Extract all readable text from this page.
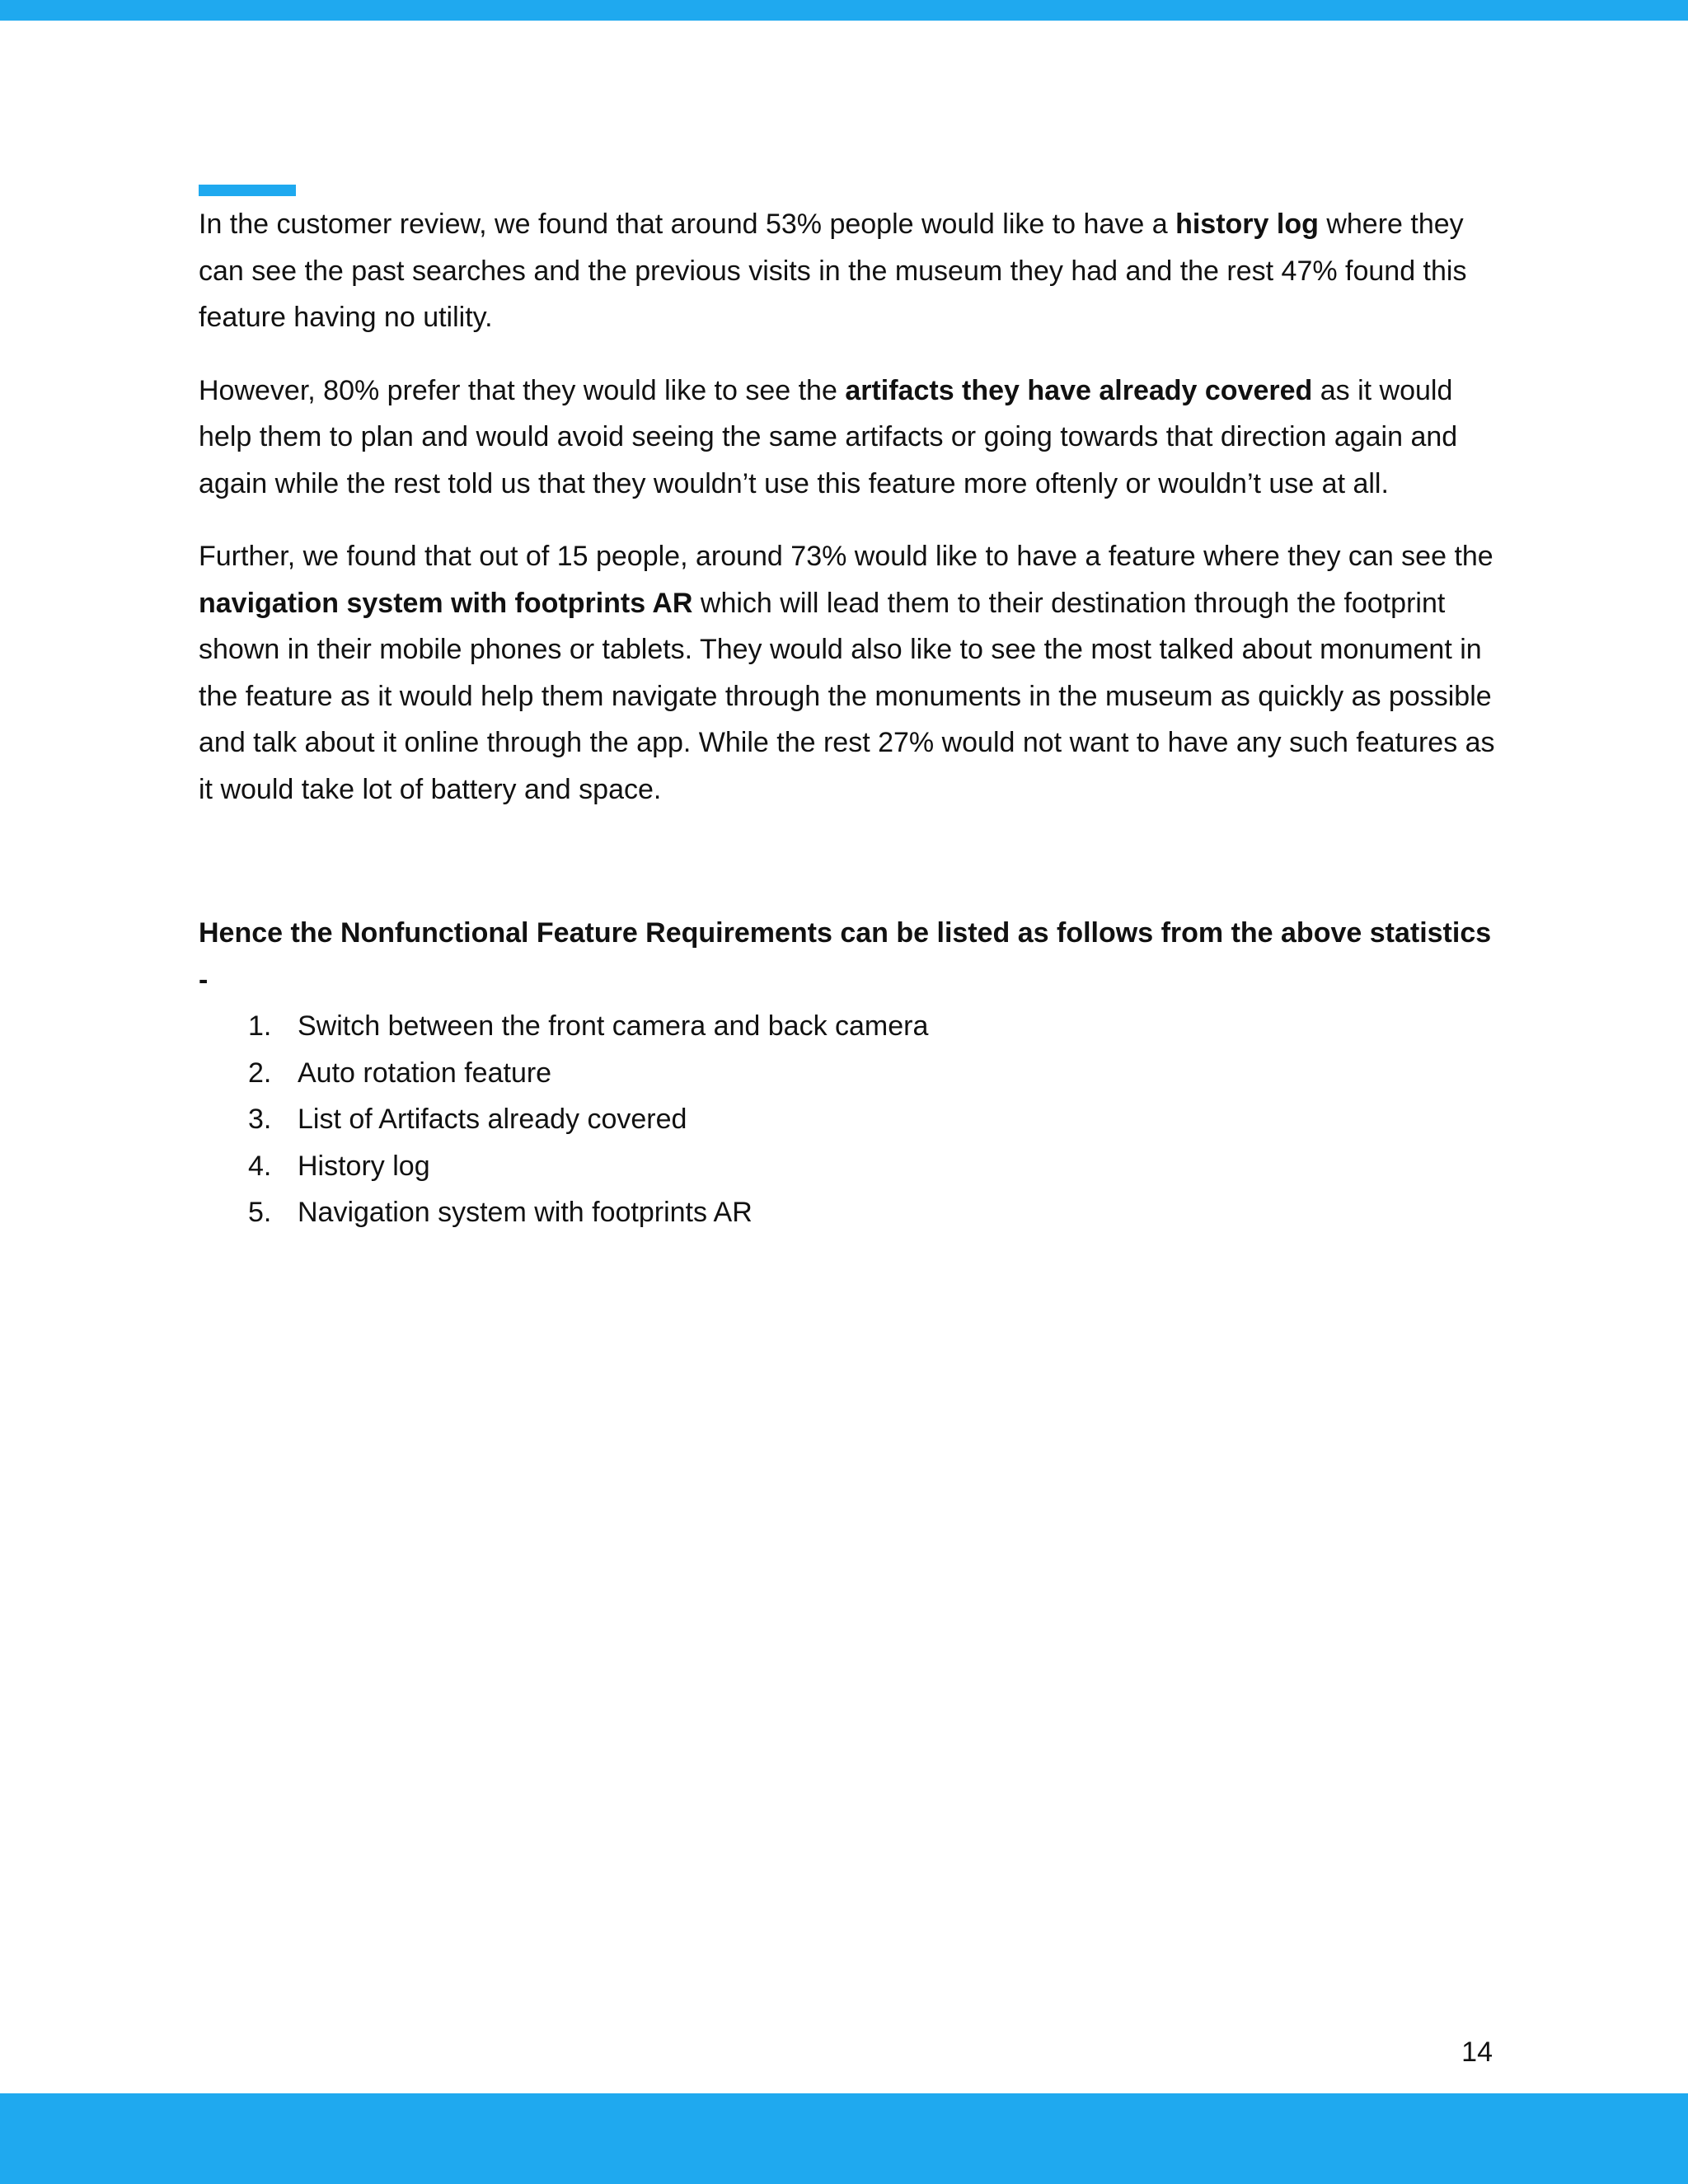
In the customer review, we found that around 53% people would like to have a history log where they can see the past searches and the previous visits in the museum they had and the rest 47% found this feature having no utility.

However, 80% prefer that they would like to see the artifacts they have already covered as it would help them to plan and would avoid seeing the same artifacts or going towards that direction again and again while the rest told us that they wouldn’t use this feature more oftenly or wouldn’t use at all.

Further, we found that out of 15 people, around 73% would like to have a feature where they can see the navigation system with footprints AR which will lead them to their destination through the footprint shown in their mobile phones or tablets. They would also like to see the most talked about monument in the feature as it would help them navigate through the monuments in the museum as quickly as possible and talk about it online through the app. While the rest 27% would not want to have any such features as it would take lot of battery and space.

Hence the Nonfunctional Feature Requirements can be listed as follows from the above statistics -

1. Switch between the front camera and back camera
2. Auto rotation feature
3. List of Artifacts already covered
4. History log
5. Navigation system with footprints AR
14
